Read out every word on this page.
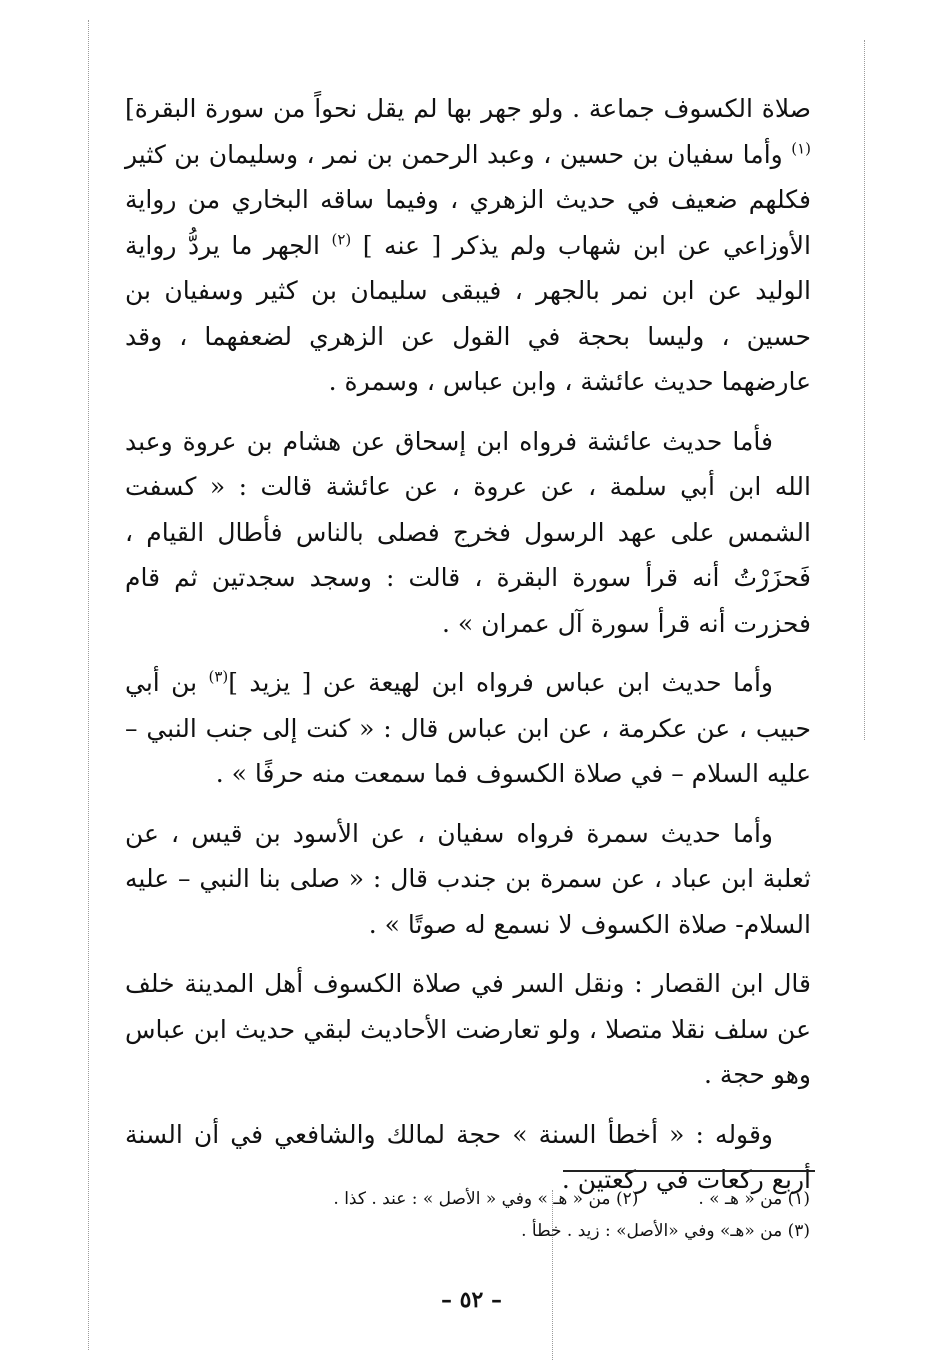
صلاة الكسوف جماعة . ولو جهر بها لم يقل نحواً من سورة البقرة]$^{(١)}$ وأما سفيان بن حسين ، وعبد الرحمن بن نمر ، وسليمان بن كثير فكلهم ضعيف في حديث الزهري ، وفيما ساقه البخاري من رواية الأوزاعي عن ابن شهاب ولم يذكر [ عنه ] $^{(٢)}$ الجهر ما يردُّ رواية الوليد عن ابن نمر بالجهر ، فيبقى سليمان بن كثير وسفيان بن حسين ، وليسا بحجة في القول عن الزهري لضعفهما ، وقد عارضهما حديث عائشة ، وابن عباس ، وسمرة .

فأما حديث عائشة فرواه ابن إسحاق عن هشام بن عروة وعبد الله ابن أبي سلمة ، عن عروة ، عن عائشة قالت : « كسفت الشمس على عهد الرسول فخرج فصلى بالناس فأطال القيام ، فَحزَرْتُ أنه قرأ سورة البقرة ، قالت : وسجد سجدتين ثم قام فحزرت أنه قرأ سورة آل عمران » .

وأما حديث ابن عباس فرواه ابن لهيعة عن [ يزيد ]$^{(٣)}$ بن أبي حبيب ، عن عكرمة ، عن ابن عباس قال : « كنت إلى جنب النبي – عليه السلام – في صلاة الكسوف فما سمعت منه حرفًا » .

وأما حديث سمرة فرواه سفيان ، عن الأسود بن قيس ، عن ثعلبة ابن عباد ، عن سمرة بن جندب قال : « صلى بنا النبي – عليه السلام- صلاة الكسوف لا نسمع له صوتًا » .

قال ابن القصار : ونقل السر في صلاة الكسوف أهل المدينة خلف عن سلف نقلا متصلا ، ولو تعارضت الأحاديث لبقي حديث ابن عباس وهو حجة .

وقوله : « أخطأ السنة » حجة لمالك والشافعي في أن السنة أربع ركعات في ركعتين .

(١) من « هـ » .
(٢) من « هـ » وفي « الأصل » : عند . كذا .
(٣) من «هـ» وفي «الأصل» : زيد . خطأ .
– ٥٢ –
